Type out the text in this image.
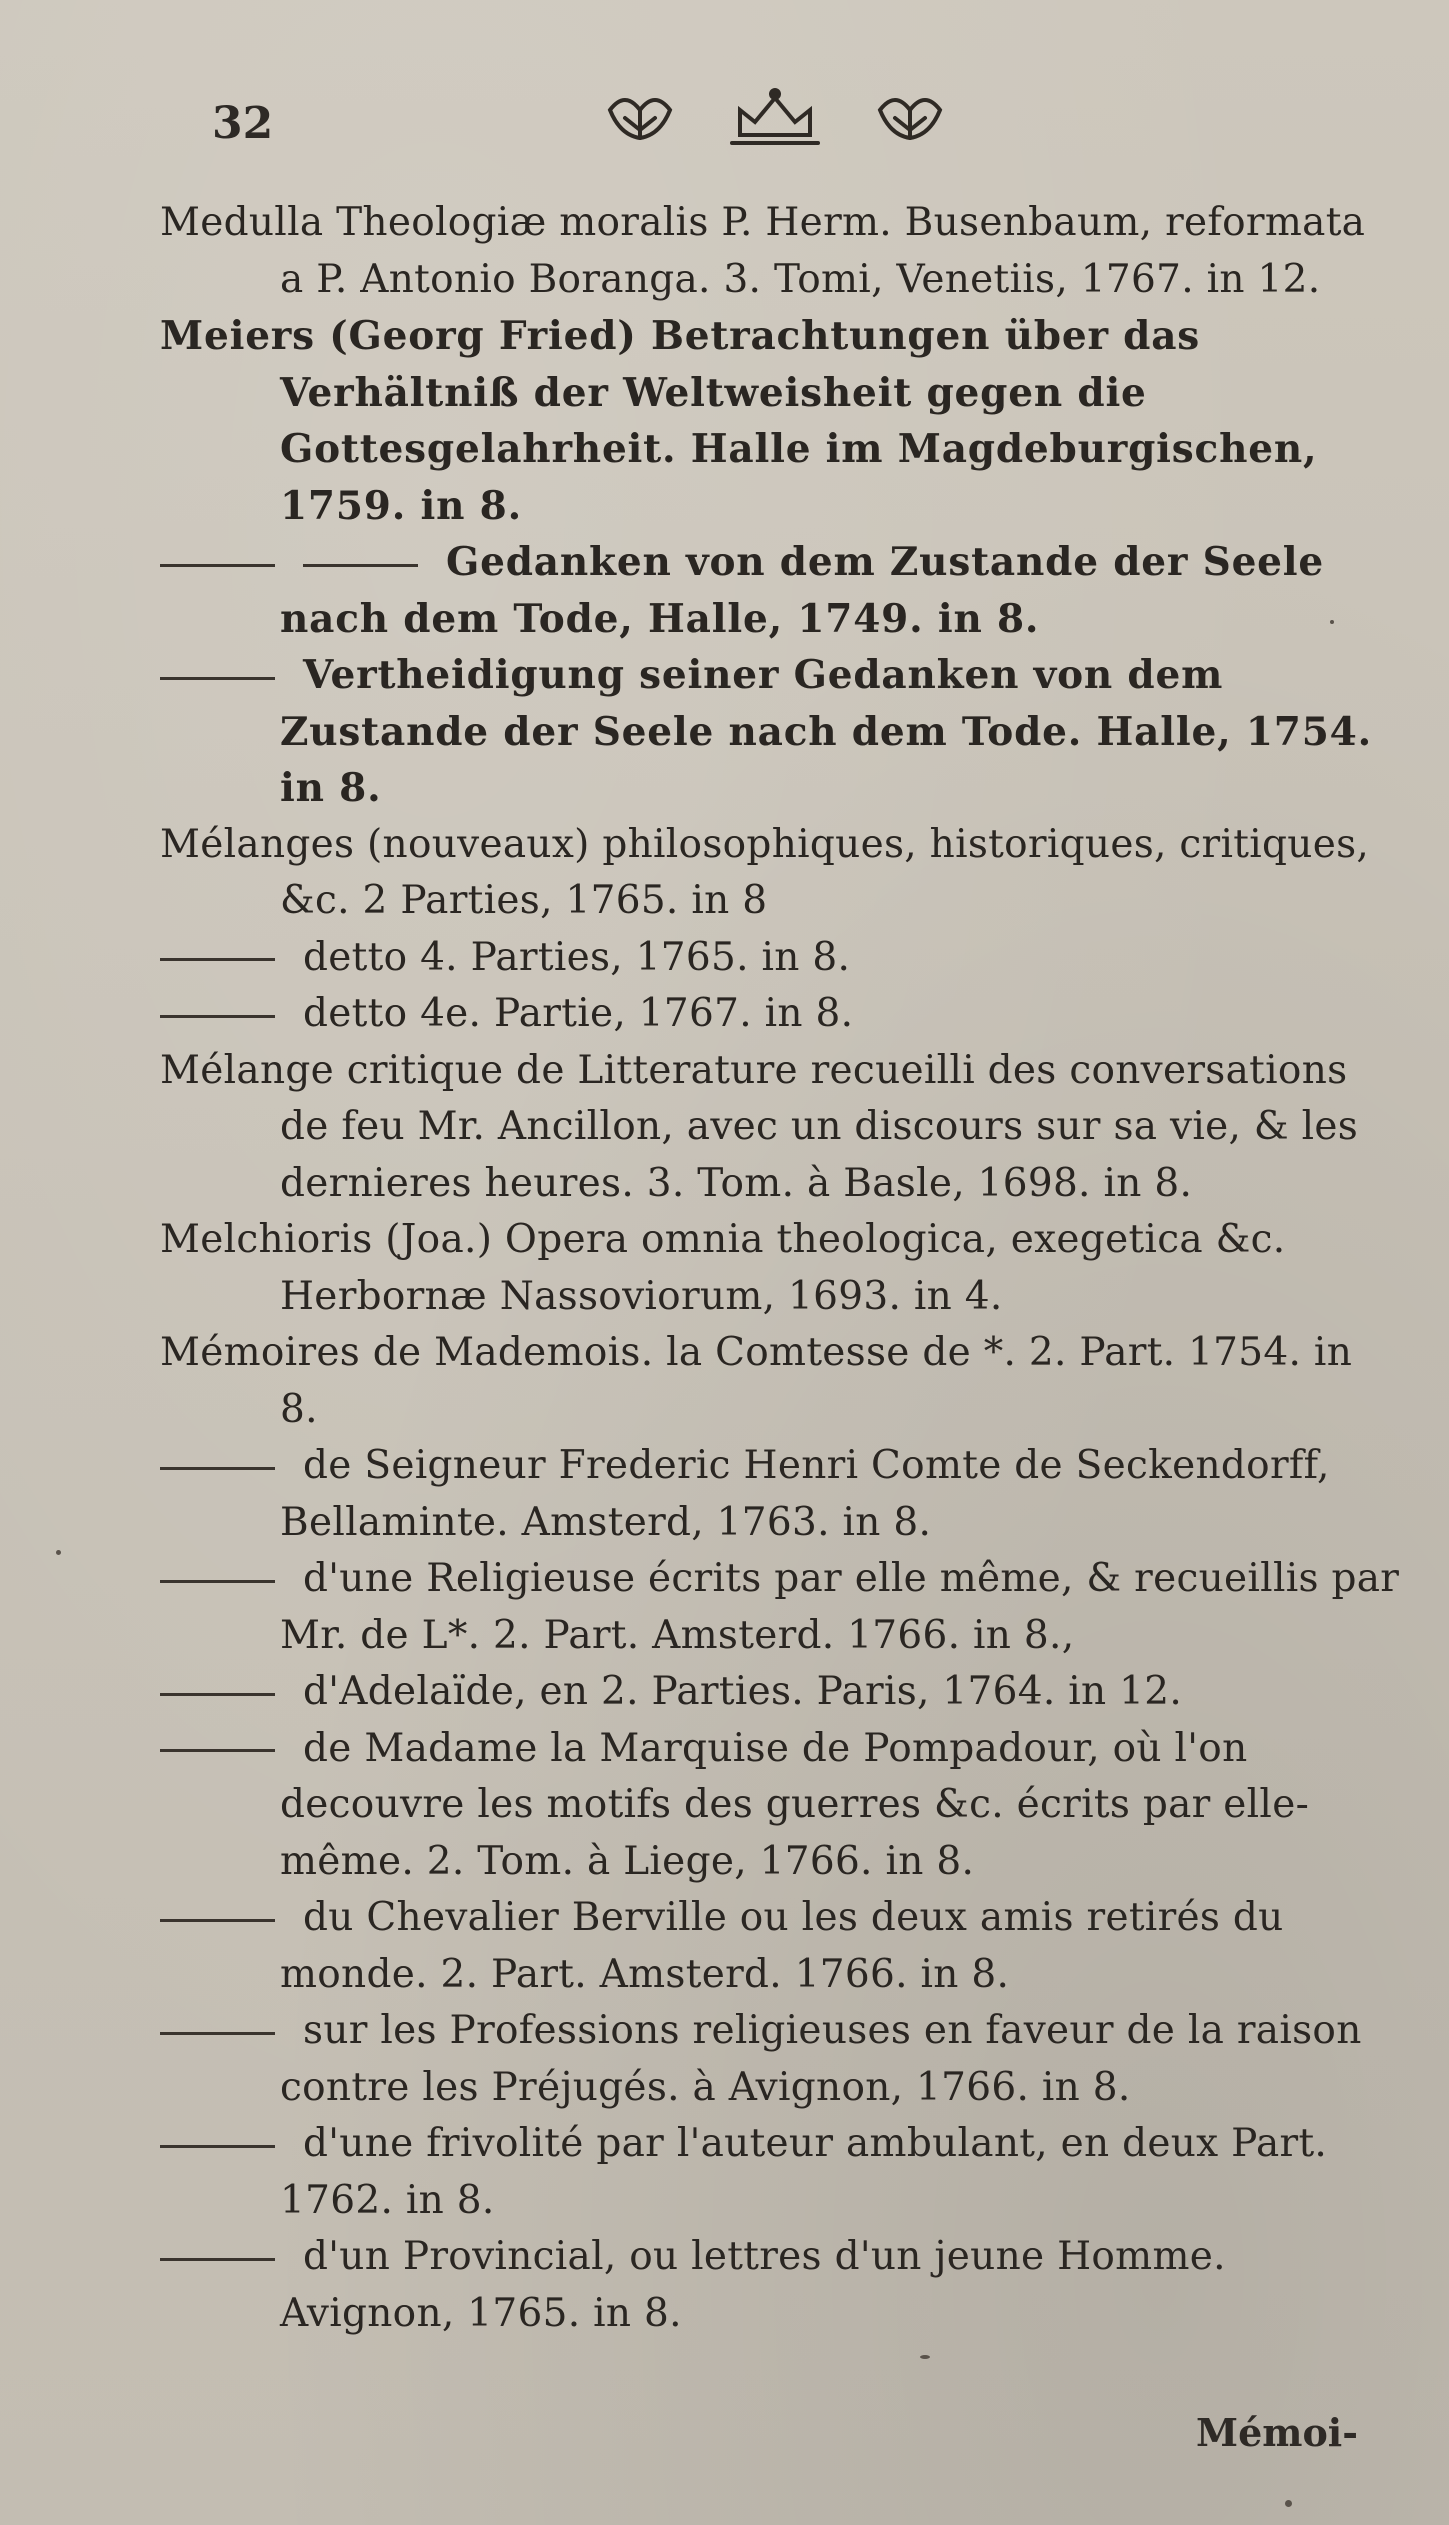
32
Medulla Theologiæ moralis P. Herm. Busenbaum, reformata a P. Antonio Boranga. 3. Tomi, Venetiis, 1767. in 12.
Meiers (Georg Fried) Betrachtungen über das Verhältniß der Weltweisheit gegen die Gottesgelahrheit. Halle im Magdeburgischen, 1759. in 8.
Gedanken von dem Zustande der Seele nach dem Tode, Halle, 1749. in 8.
Vertheidigung seiner Gedanken von dem Zustande der Seele nach dem Tode. Halle, 1754. in 8.
Mélanges (nouveaux) philosophiques, historiques, critiques, &c. 2 Parties, 1765. in 8
detto 4. Parties, 1765. in 8.
detto 4e. Partie, 1767. in 8.
Mélange critique de Litterature recueilli des conversations de feu Mr. Ancillon, avec un discours sur sa vie, & les dernieres heures. 3. Tom. à Basle, 1698. in 8.
Melchioris (Joa.) Opera omnia theologica, exegetica &c. Herbornæ Nassoviorum, 1693. in 4.
Mémoires de Mademois. la Comtesse de *. 2. Part. 1754. in 8.
de Seigneur Frederic Henri Comte de Seckendorff, Bellaminte. Amsterd, 1763. in 8.
d'une Religieuse écrits par elle même, & recueillis par Mr. de L*. 2. Part. Amsterd. 1766. in 8.,
d'Adelaïde, en 2. Parties. Paris, 1764. in 12.
de Madame la Marquise de Pompadour, où l'on decouvre les motifs des guerres &c. écrits par elle-même. 2. Tom. à Liege, 1766. in 8.
du Chevalier Berville ou les deux amis retirés du monde. 2. Part. Amsterd. 1766. in 8.
sur les Professions religieuses en faveur de la raison contre les Préjugés. à Avignon, 1766. in 8.
d'une frivolité par l'auteur ambulant, en deux Part. 1762. in 8.
d'un Provincial, ou lettres d'un jeune Homme. Avignon, 1765. in 8.
Mémoi-
